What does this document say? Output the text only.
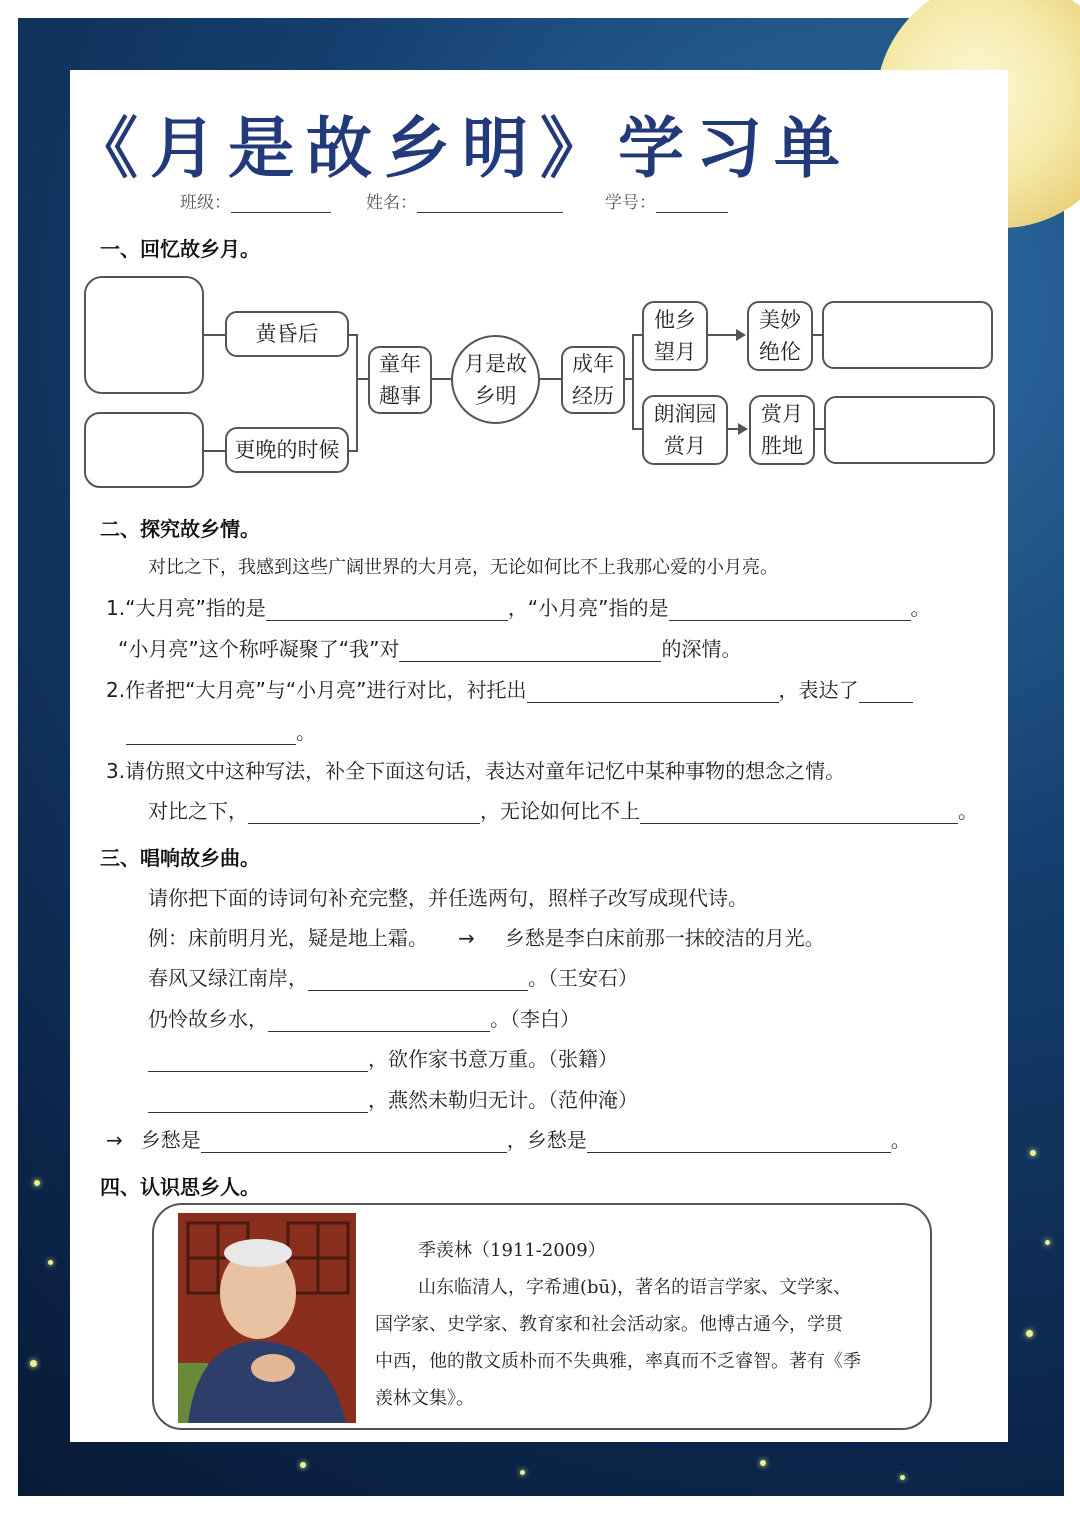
《月是故乡明》学习单
班级：	姓名：	学号：
一、回忆故乡月。
黄昏后
更晚的时候
童年
趣事
月是故
乡明
成年
经历
他乡
望月
朗润园
赏月
美妙
绝伦
赏月
胜地
二、探究故乡情。
对比之下，我感到这些广阔世界的大月亮，无论如何比不上我那心爱的小月亮。
1.“大月亮”指的是	，“小月亮”指的是	。
“小月亮”这个称呼凝聚了“我”对	的深情。
2.作者把“大月亮”与“小月亮”进行对比，衬托出	，表达了
。
3.请仿照文中这种写法，补全下面这句话，表达对童年记忆中某种事物的想念之情。
对比之下，	，无论如何比不上	。
三、唱响故乡曲。
请你把下面的诗词句补充完整，并任选两句，照样子改写成现代诗。
例：床前明月光，疑是地上霜。 → 乡愁是李白床前那一抹皎洁的月光。
春风又绿江南岸，	。（王安石）
仍怜故乡水，	。（李白）
，欲作家书意万重。（张籍）
，燕然未勒归无计。（范仲淹）
→ 乡愁是	，乡愁是	。
四、认识思乡人。
季羡林（1911-2009）
山东临清人，字希逋(bū)，著名的语言学家、文学家、
国学家、史学家、教育家和社会活动家。他博古通今，学贯
中西，他的散文质朴而不失典雅，率真而不乏睿智。著有《季
羡林文集》。
